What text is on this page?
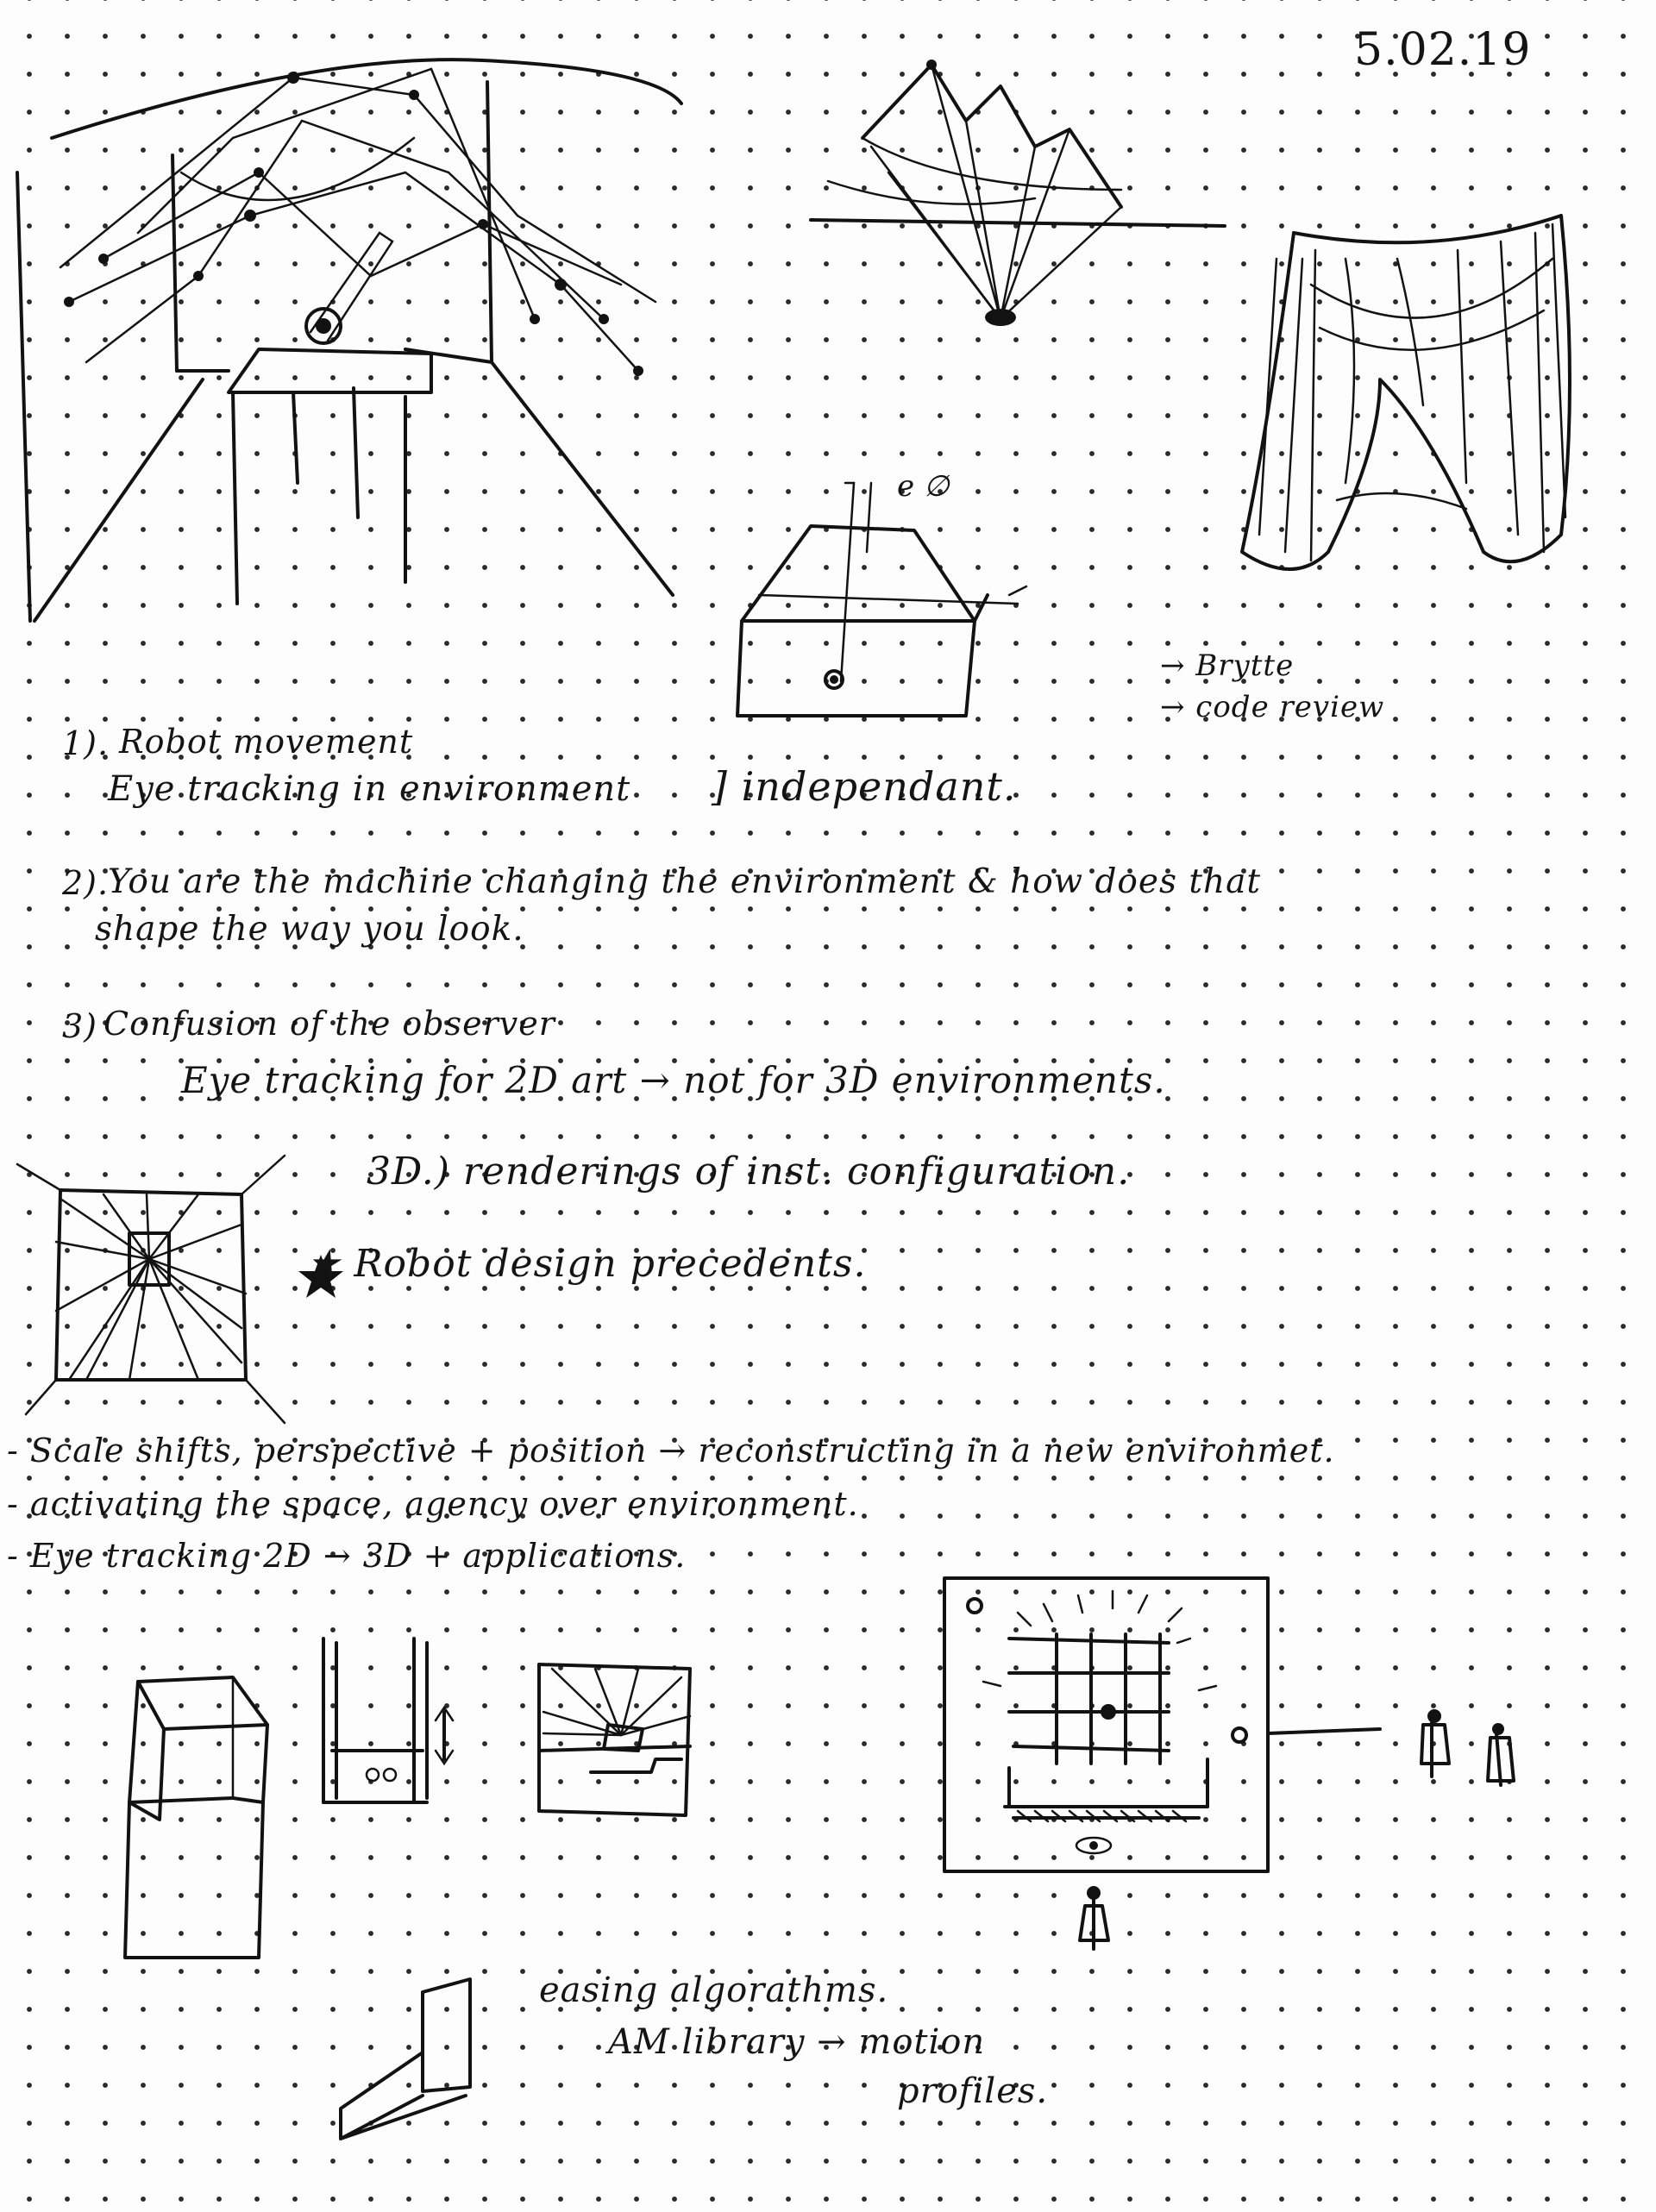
e ∅
5.02.19
→ Brytte
→ code review
1). Robot movement
Eye tracking in environment ] independant.
2).
You are the machine changing the environment & how does that
shape the way you look.
3) Confusion of the observer
Eye tracking for 2D art → not for 3D environments.
3D.) renderings of inst. configuration.
★ Robot design precedents.
- Scale shifts, perspective + position → reconstructing in a new environmet.
- activating the space, agency over environment.
- Eye tracking 2D → 3D + applications.
easing algorathms.
AM library → motion
profiles.
